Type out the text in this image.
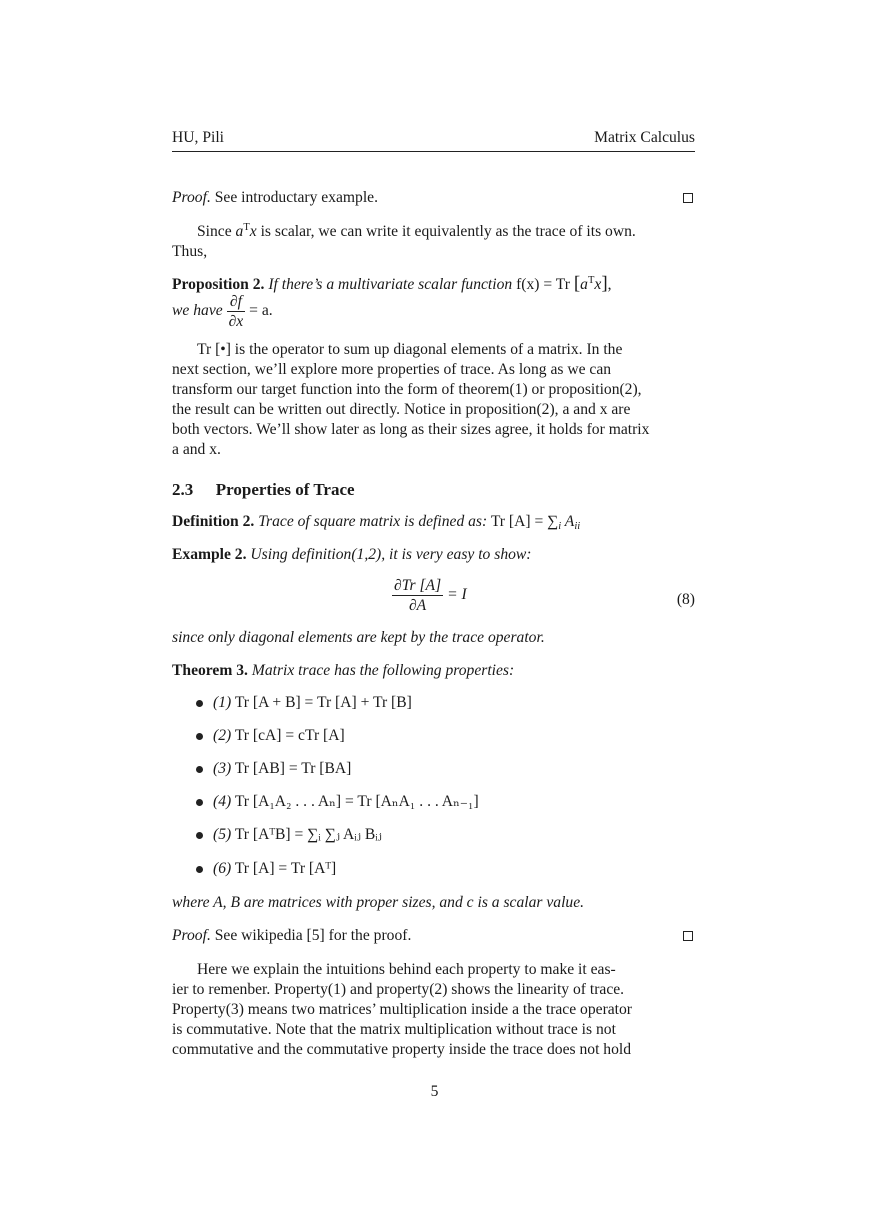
HU, Pili	Matrix Calculus
Proof. See introductary example.
Since $a^Tx$ is scalar, we can write it equivalently as the trace of its own.
Thus,
Proposition 2. If there’s a multivariate scalar function f(x) = Tr $[a^Tx]$,
we have $\frac{\partial f}{\partial x} = a$.
Tr [•] is the operator to sum up diagonal elements of a matrix. In the
next section, we’ll explore more properties of trace. As long as we can
transform our target function into the form of theorem(1) or proposition(2),
the result can be written out directly. Notice in proposition(2), a and x are
both vectors. We’ll show later as long as their sizes agree, it holds for matrix
a and x.
2.3 Properties of Trace
Definition 2. Trace of square matrix is defined as: Tr $[A] = \sum_i$ $A_{ii}$
Example 2. Using definition(1,2), it is very easy to show:
$\frac{\partial Tr [A]}{\partial A} = I$	(8)
since only diagonal elements are kept by the trace operator.
Theorem 3. Matrix trace has the following properties:
(1) Tr [A + B] = Tr [A] + Tr [B]
(2) Tr [cA] = cTr [A]
(3) Tr [AB] = Tr [BA]
(4) Tr [A₁A₂ . . . Aₙ] = Tr [AₙA₁ . . . Aₙ₋₁]
(5) Tr [AᵀB] = ∑ᵢ ∑ⱼ Aᵢⱼ Bᵢⱼ
(6) Tr [A] = Tr [Aᵀ]
where A, B are matrices with proper sizes, and c is a scalar value.
Proof. See wikipedia [5] for the proof.
Here we explain the intuitions behind each property to make it eas-
ier to remenber. Property(1) and property(2) shows the linearity of trace.
Property(3) means two matrices’ multiplication inside a the trace operator
is commutative. Note that the matrix multiplication without trace is not
commutative and the commutative property inside the trace does not hold
5
